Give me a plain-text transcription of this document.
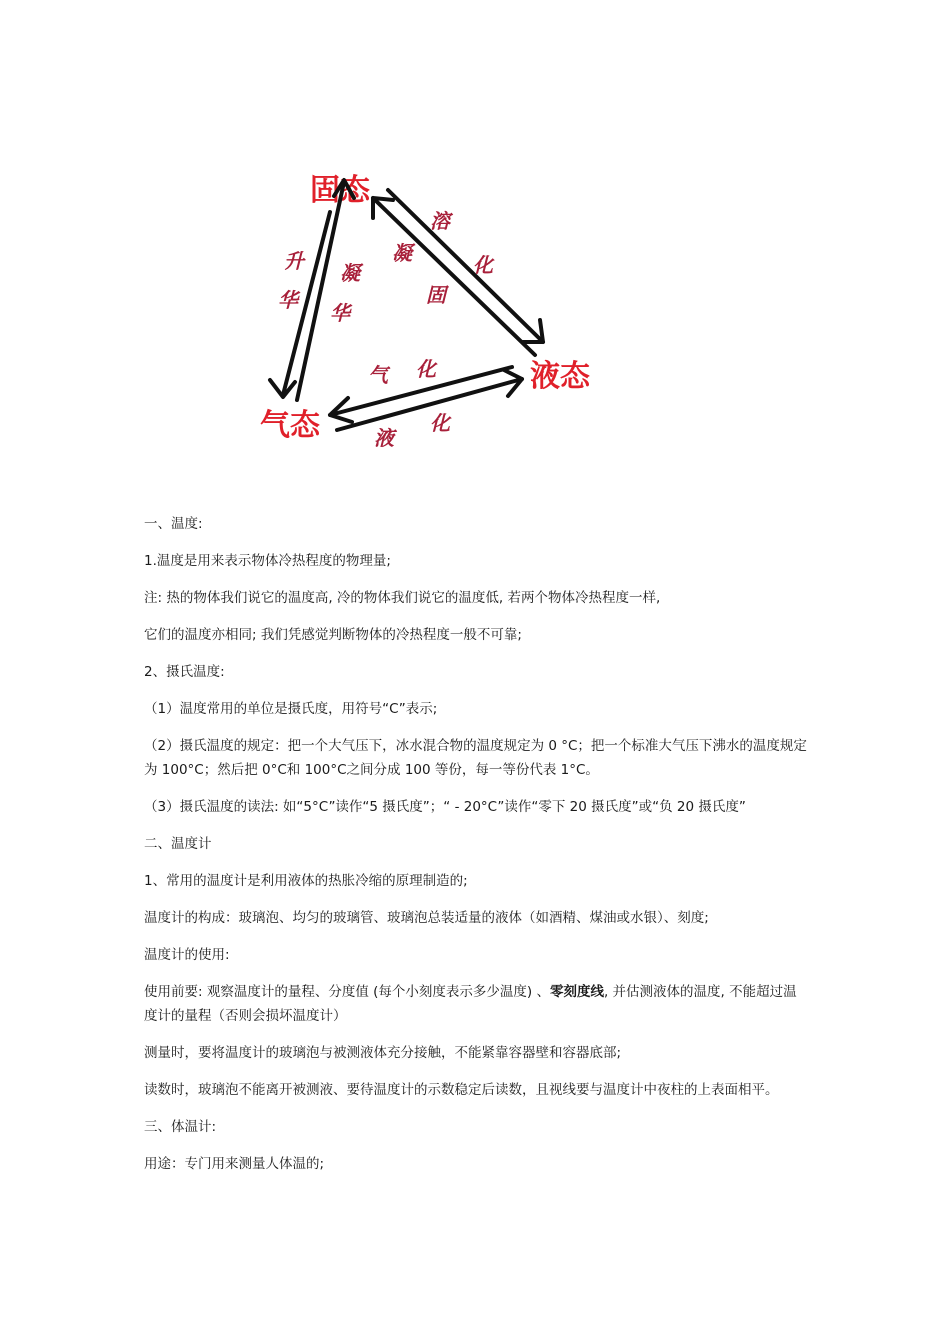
固态
液态
气态
升
华
凝
华
凝
固
溶
化
气 化
液
化

一、温度:

1.温度是用来表示物体冷热程度的物理量;

注: 热的物体我们说它的温度高, 冷的物体我们说它的温度低, 若两个物体冷热程度一样,

它们的温度亦相同; 我们凭感觉判断物体的冷热程度一般不可靠;

2、摄氏温度:

（1）温度常用的单位是摄氏度，用符号“C”表示;

（2）摄氏温度的规定：把一个大气压下，冰水混合物的温度规定为 0 °C；把一个标准大气压下沸水的温度规定为 100°C；然后把 0°C和 100°C之间分成 100 等份，每一等份代表 1°C。

（3）摄氏温度的读法: 如“5°C”读作“5 摄氏度”；“ - 20°C”读作“零下 20 摄氏度”或“负 20 摄氏度”

二、温度计

1、常用的温度计是利用液体的热胀冷缩的原理制造的;

温度计的构成：玻璃泡、均匀的玻璃管、玻璃泡总装适量的液体（如酒精、煤油或水银）、刻度;

温度计的使用:

使用前要: 观察温度计的量程、分度值 (每个小刻度表示多少温度) 、零刻度线, 并估测液体的温度, 不能超过温度计的量程（否则会损坏温度计）

测量时，要将温度计的玻璃泡与被测液体充分接触，不能紧靠容器壁和容器底部;

读数时，玻璃泡不能离开被测液、要待温度计的示数稳定后读数，且视线要与温度计中夜柱的上表面相平。

三、体温计:

用途：专门用来测量人体温的;
